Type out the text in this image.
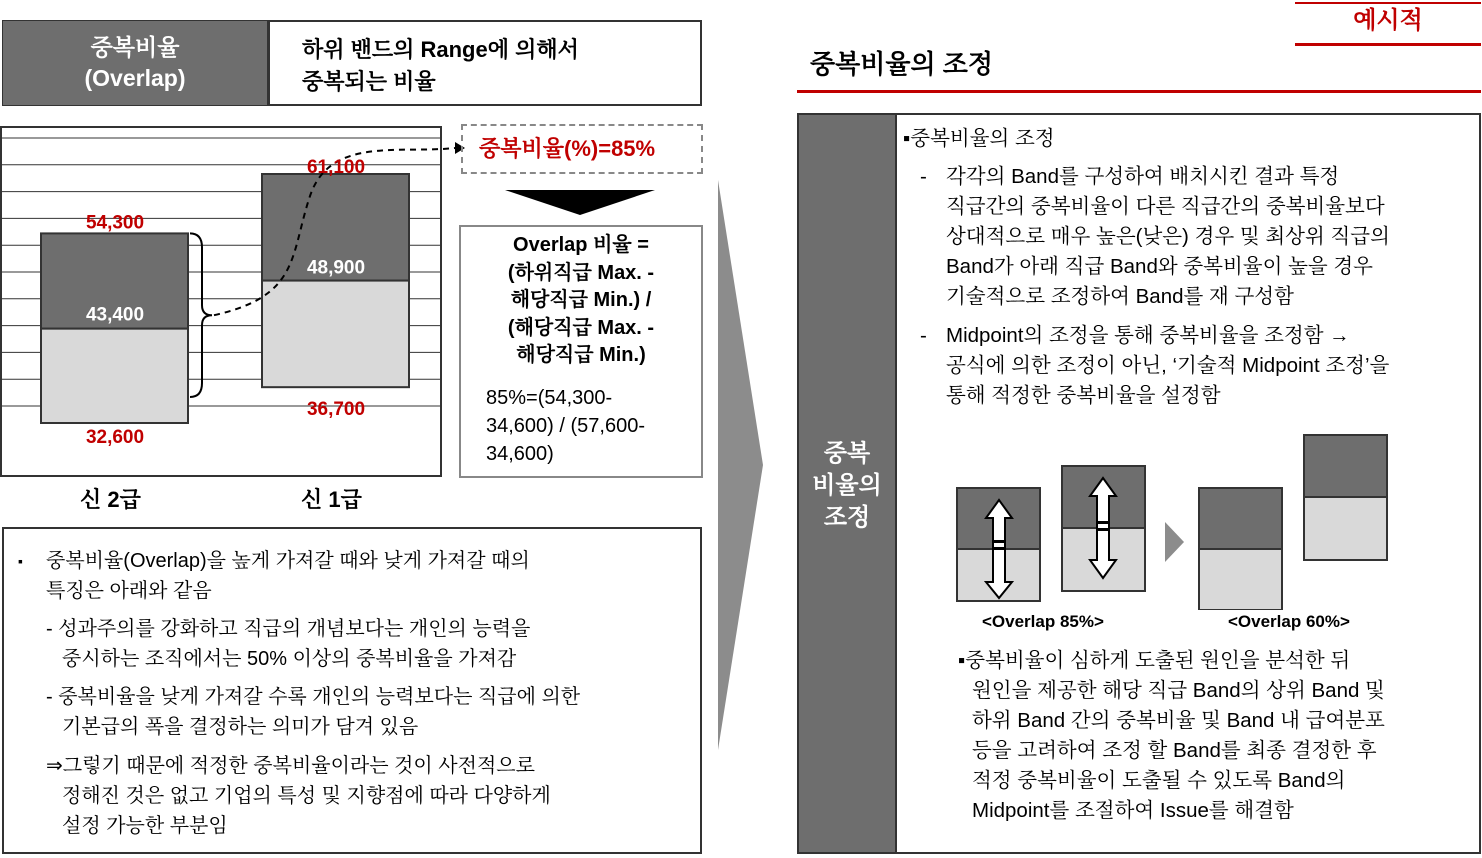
중복비율
(Overlap)
하위 밴드의 Range에 의해서
중복되는 비율
54,300
43,400
32,600
61,100
48,900
36,700
신 2급	신 1급
중복비율(%)=85%
Overlap 비율 =
(하위직급 Max. -
해당직급 Min.) /
(해당직급 Max. -
해당직급 Min.)
85%=(54,300-
34,600) / (57,600-
34,600)
▪ 중복비율(Overlap)을 높게 가져갈 때와 낮게 가져갈 때의
특징은 아래와 같음
- 성과주의를 강화하고 직급의 개념보다는 개인의 능력을
중시하는 조직에서는 50% 이상의 중복비율을 가져감
- 중복비율을 낮게 가져갈 수록 개인의 능력보다는 직급에 의한
기본급의 폭을 결정하는 의미가 담겨 있음
⇒그렇기 때문에 적정한 중복비율이라는 것이 사전적으로
정해진 것은 없고 기업의 특성 및 지향점에 따라 다양하게
설정 가능한 부분임
예시적
중복비율의 조정
중복
비율의
조정
▪중복비율의 조정
- 각각의 Band를 구성하여 배치시킨 결과 특정
직급간의 중복비율이 다른 직급간의 중복비율보다
상대적으로 매우 높은(낮은) 경우 및 최상위 직급의
Band가 아래 직급 Band와 중복비율이 높을 경우
기술적으로 조정하여 Band를 재 구성함
- Midpoint의 조정을 통해 중복비율을 조정함 →
공식에 의한 조정이 아닌, ‘기술적 Midpoint 조정’을
통해 적정한 중복비율을 설정함
<Overlap 85%>	<Overlap 60%>
▪중복비율이 심하게 도출된 원인을 분석한 뒤
원인을 제공한 해당 직급 Band의 상위 Band 및
하위 Band 간의 중복비율 및 Band 내 급여분포
등을 고려하여 조정 할 Band를 최종 결정한 후
적정 중복비율이 도출될 수 있도록 Band의
Midpoint를 조절하여 Issue를 해결함
